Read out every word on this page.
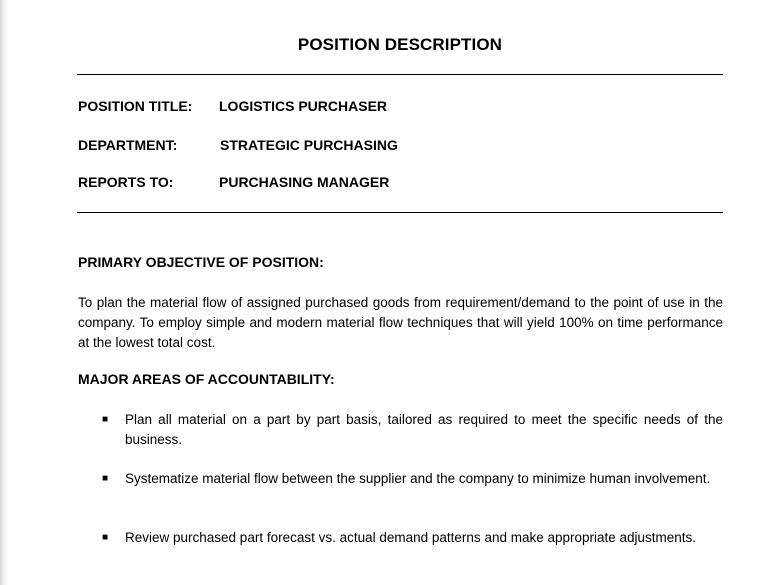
POSITION DESCRIPTION
POSITION TITLE: LOGISTICS PURCHASER
DEPARTMENT:	STRATEGIC PURCHASING
REPORTS TO:	PURCHASING MANAGER
PRIMARY OBJECTIVE OF POSITION:

To plan the material flow of assigned purchased goods from requirement/demand to the point of use in the company. To employ simple and modern material flow techniques that will yield 100% on time performance at the lowest total cost.

MAJOR AREAS OF ACCOUNTABILITY:
■ Plan all material on a part by part basis, tailored as required to meet the specific needs of the business.

■ Systematize material flow between the supplier and the company to minimize human involvement.

■ Review purchased part forecast vs. actual demand patterns and make appropriate adjustments.
